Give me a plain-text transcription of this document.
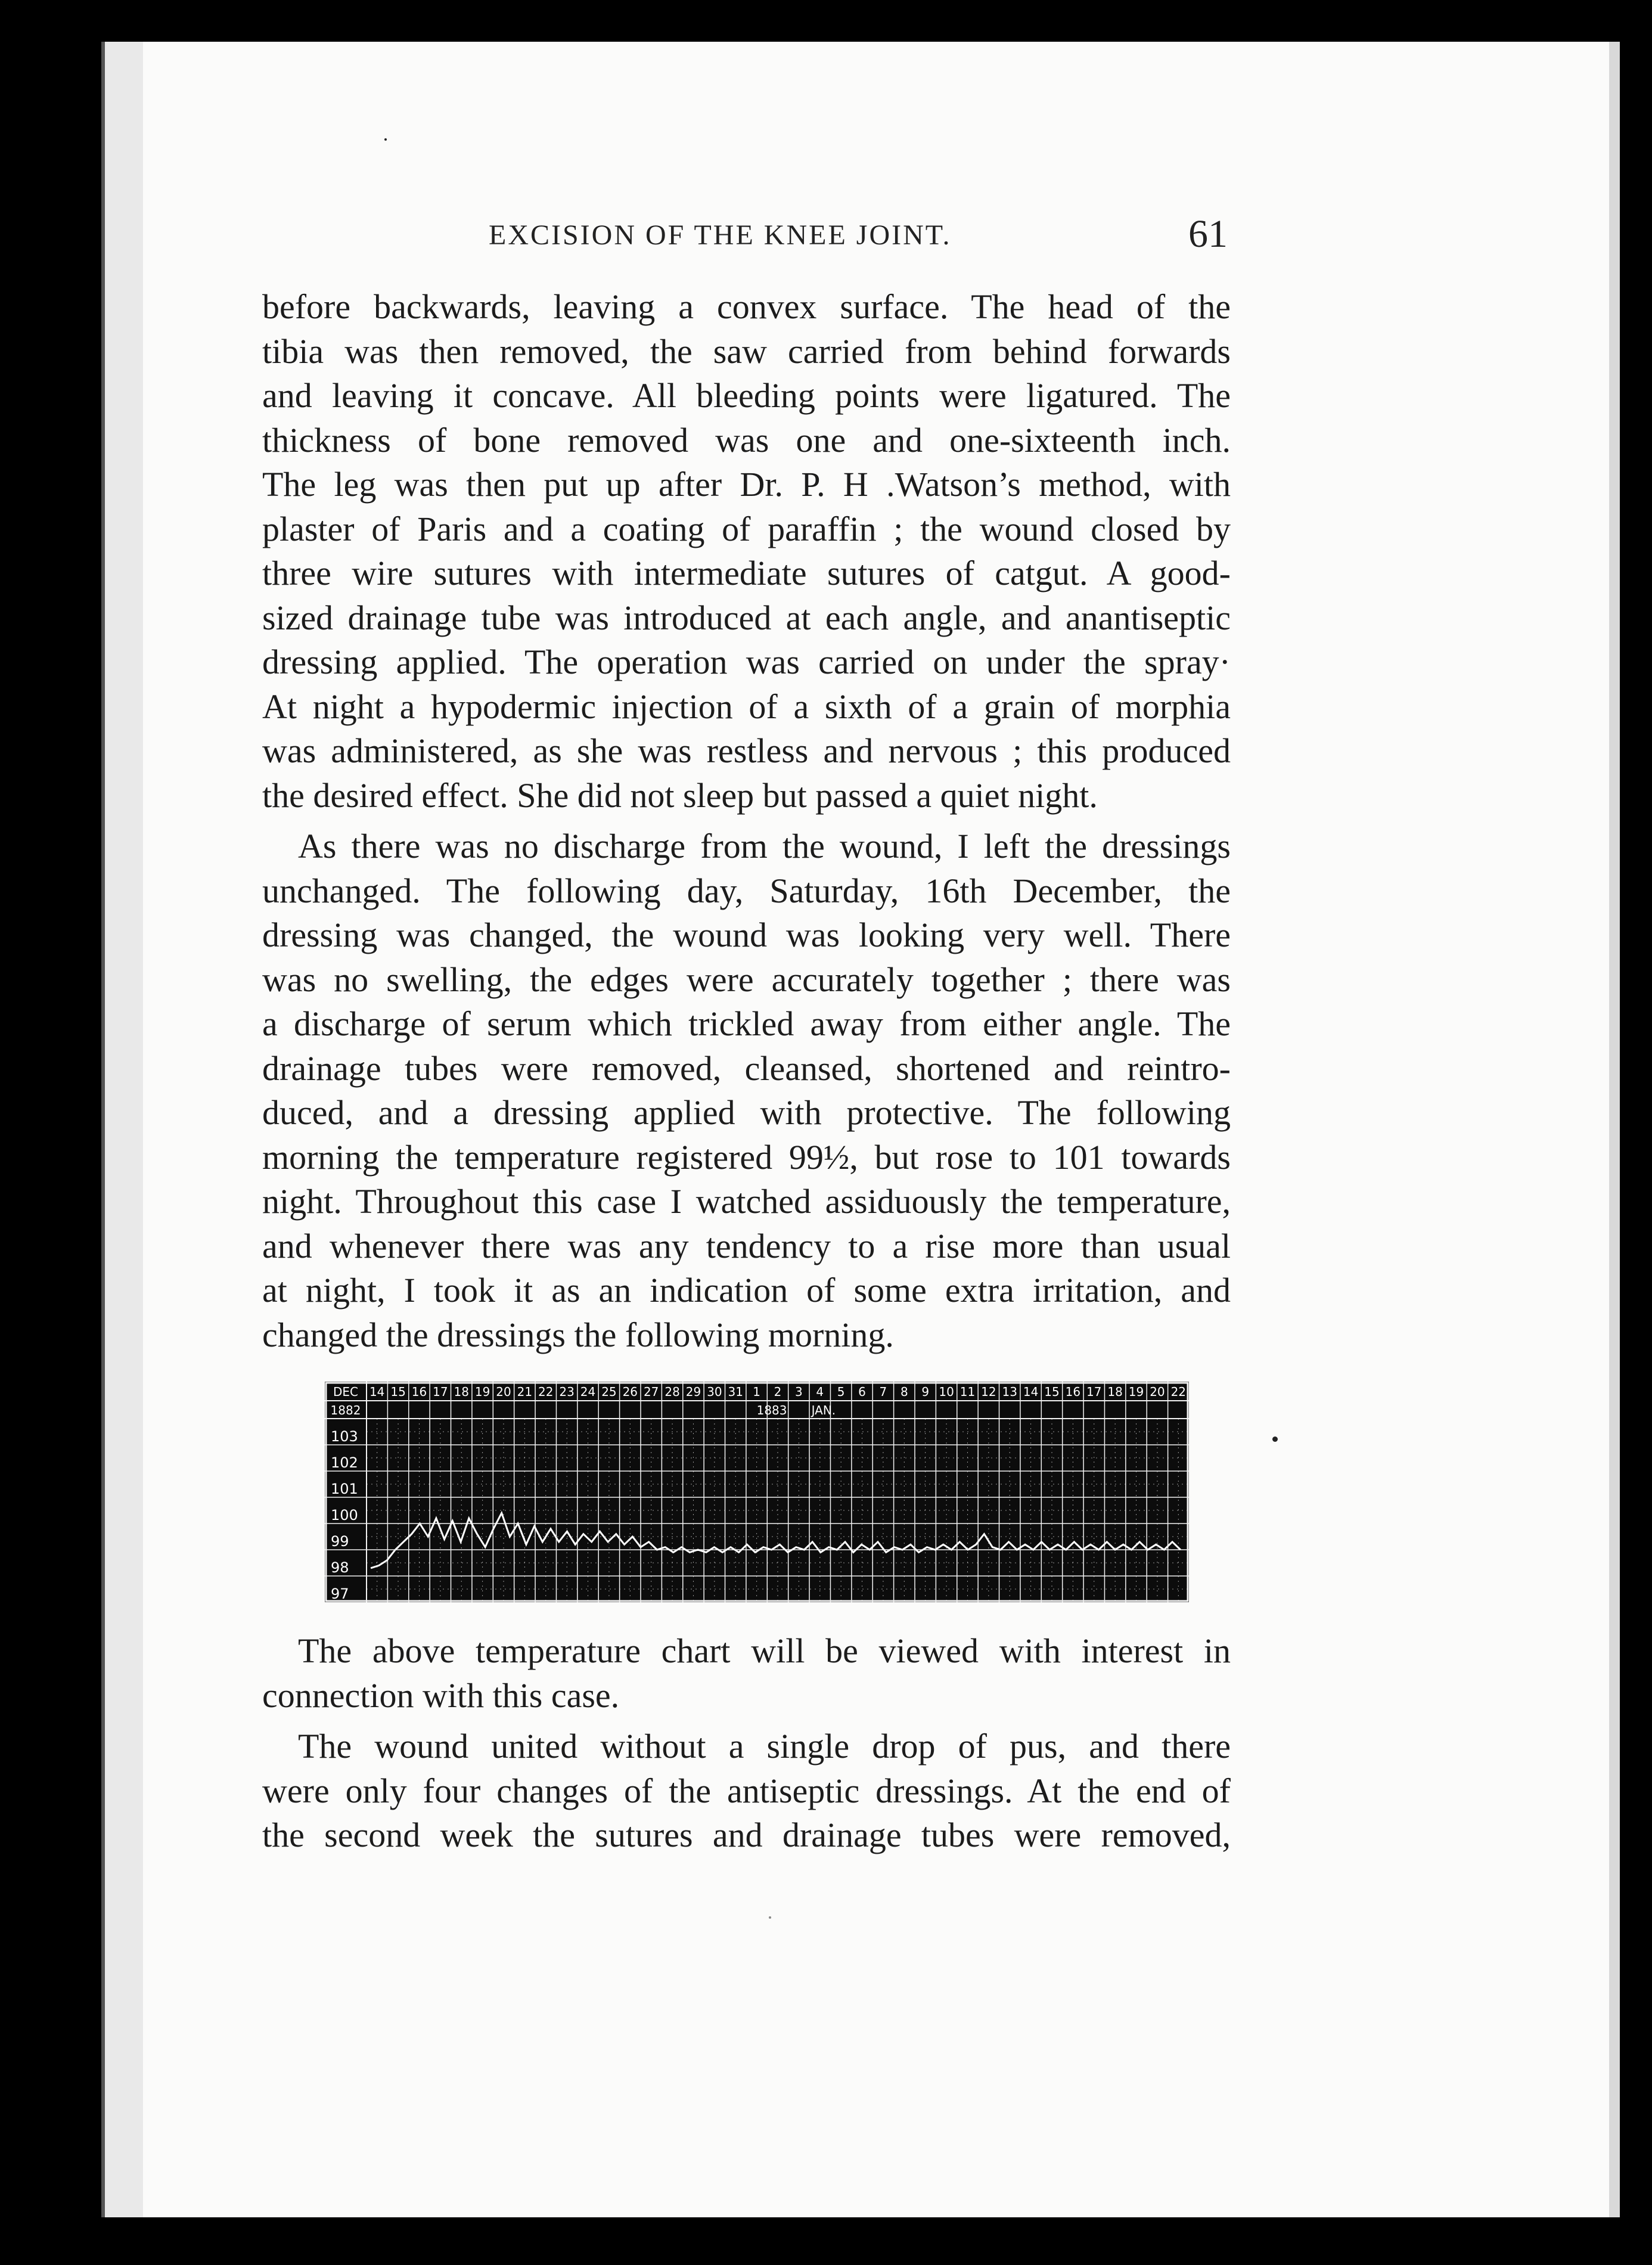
EXCISION OF THE KNEE JOINT.	61
before backwards, leaving a convex surface. The head of the
tibia was then removed, the saw carried from behind forwards
and leaving it concave. All bleeding points were ligatured. The
thickness of bone removed was one and one-sixteenth inch.
The leg was then put up after Dr. P. H .Watson’s method, with
plaster of Paris and a coating of paraffin ; the wound closed by
three wire sutures with intermediate sutures of catgut. A good-
sized drainage tube was introduced at each angle, and anantiseptic
dressing applied. The operation was carried on under the spray·
At night a hypodermic injection of a sixth of a grain of morphia
was administered, as she was restless and nervous ; this produced
the desired effect. She did not sleep but passed a quiet night.
As there was no discharge from the wound, I left the dressings
unchanged. The following day, Saturday, 16th December, the
dressing was changed, the wound was looking very well. There
was no swelling, the edges were accurately together ; there was
a discharge of serum which trickled away from either angle. The
drainage tubes were removed, cleansed, shortened and reintro-
duced, and a dressing applied with protective. The following
morning the temperature registered 99½, but rose to 101 towards
night. Throughout this case I watched assiduously the temperature,
and whenever there was any tendency to a rise more than usual
at night, I took it as an indication of some extra irritation, and
changed the dressings the following morning.
14 15 16 17 18 19 20 21 22 23 24 25 26 27 28 29 30 31 1 2 3 4 5 6 7 8 9 10 11 12 13 14 15 16 17 18 19 20 22
DEC
1882	1883 JAN.
103
102
101
100
99
98
97
The above temperature chart will be viewed with interest in
connection with this case.
The wound united without a single drop of pus, and there
were only four changes of the antiseptic dressings. At the end of
the second week the sutures and drainage tubes were removed,
